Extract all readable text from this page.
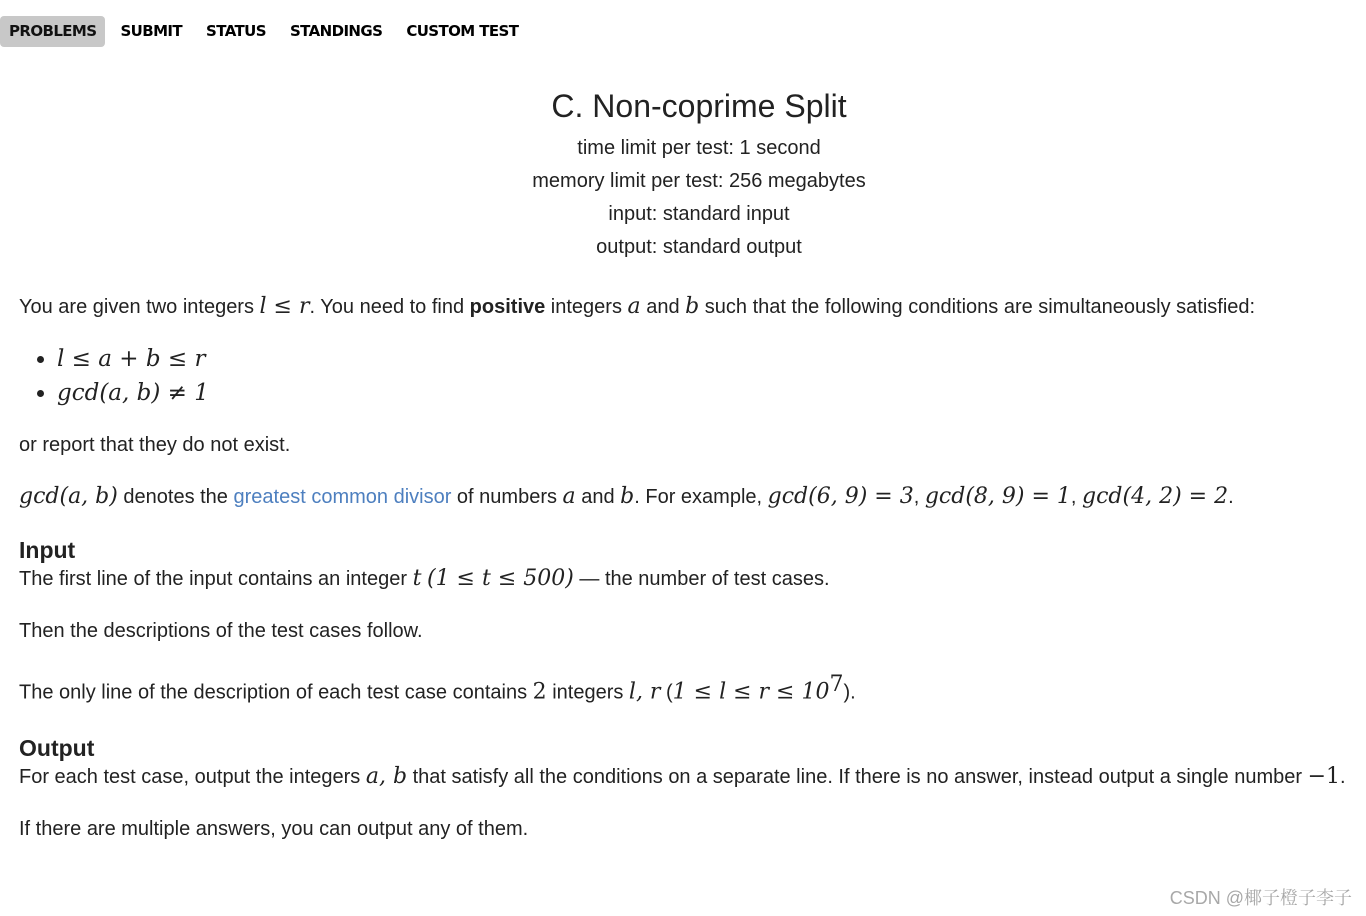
PROBLEMS	SUBMIT	STATUS	STANDINGS	CUSTOM TEST
C. Non-coprime Split
time limit per test: 1 second
memory limit per test: 256 megabytes
input: standard input
output: standard output

You are given two integers l ≤ r. You need to find positive integers a and b such that the following conditions are simultaneously satisfied:

• l ≤ a + b ≤ r
• gcd(a, b) ≠ 1

or report that they do not exist.

gcd(a, b) denotes the greatest common divisor of numbers a and b. For example, gcd(6, 9) = 3, gcd(8, 9) = 1, gcd(4, 2) = 2.

Input

The first line of the input contains an integer t (1 ≤ t ≤ 500) — the number of test cases.

Then the descriptions of the test cases follow.

The only line of the description of each test case contains 2 integers l, r $(1 \le l \le r \le 10^7)$.

Output

For each test case, output the integers a, b that satisfy all the conditions on a separate line. If there is no answer, instead output a single number −1.

If there are multiple answers, you can output any of them.

CSDN @椰子橙子李子
